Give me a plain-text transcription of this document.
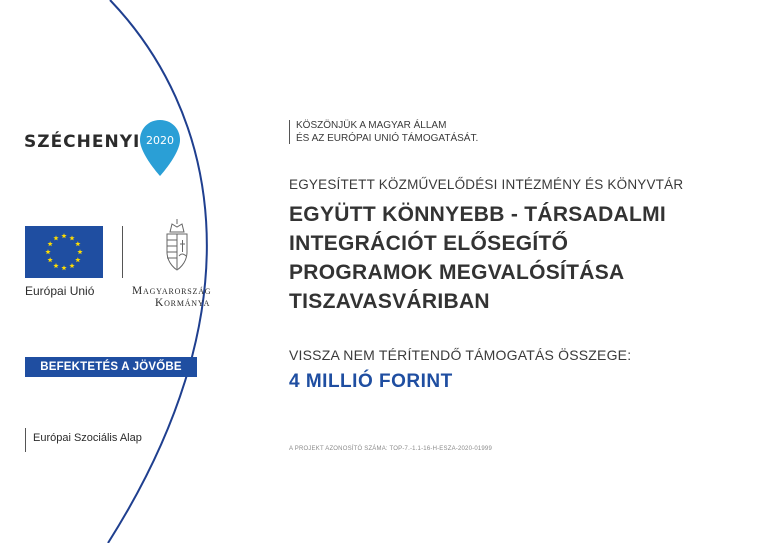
SZÉCHENYI 2020
Európai Unió	Magyarország
Kormánya
BEFEKTETÉS A JÖVŐBE
Európai Szociális Alap
KÖSZÖNJÜK A MAGYAR ÁLLAM
ÉS AZ EURÓPAI UNIÓ TÁMOGATÁSÁT.
EGYESÍTETT KÖZMŰVELŐDÉSI INTÉZMÉNY ÉS KÖNYVTÁR
EGYÜTT KÖNNYEBB - TÁRSADALMI
INTEGRÁCIÓT ELŐSEGÍTŐ
PROGRAMOK MEGVALÓSÍTÁSA
TISZAVASVÁRIBAN
VISSZA NEM TÉRÍTENDŐ TÁMOGATÁS ÖSSZEGE:
4 MILLIÓ FORINT
A PROJEKT AZONOSÍTÓ SZÁMA: TOP-7.-1.1-16-H-ESZA-2020-01999
